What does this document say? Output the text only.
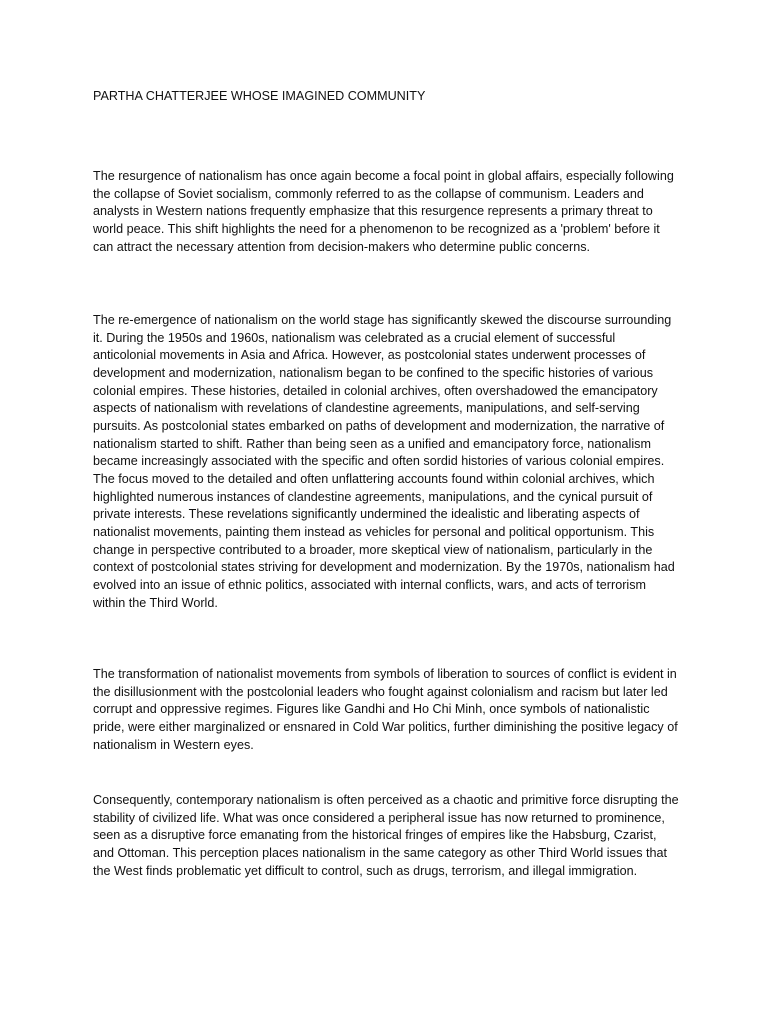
PARTHA CHATTERJEE WHOSE IMAGINED COMMUNITY

The resurgence of nationalism has once again become a focal point in global affairs, especially following the collapse of Soviet socialism, commonly referred to as the collapse of communism. Leaders and analysts in Western nations frequently emphasize that this resurgence represents a primary threat to world peace. This shift highlights the need for a phenomenon to be recognized as a 'problem' before it can attract the necessary attention from decision-makers who determine public concerns.

The re-emergence of nationalism on the world stage has significantly skewed the discourse surrounding it. During the 1950s and 1960s, nationalism was celebrated as a crucial element of successful anticolonial movements in Asia and Africa. However, as postcolonial states underwent processes of development and modernization, nationalism began to be confined to the specific histories of various colonial empires. These histories, detailed in colonial archives, often overshadowed the emancipatory aspects of nationalism with revelations of clandestine agreements, manipulations, and self-serving pursuits. As postcolonial states embarked on paths of development and modernization, the narrative of nationalism started to shift. Rather than being seen as a unified and emancipatory force, nationalism became increasingly associated with the specific and often sordid histories of various colonial empires. The focus moved to the detailed and often unflattering accounts found within colonial archives, which highlighted numerous instances of clandestine agreements, manipulations, and the cynical pursuit of private interests. These revelations significantly undermined the idealistic and liberating aspects of nationalist movements, painting them instead as vehicles for personal and political opportunism. This change in perspective contributed to a broader, more skeptical view of nationalism, particularly in the context of postcolonial states striving for development and modernization. By the 1970s, nationalism had evolved into an issue of ethnic politics, associated with internal conflicts, wars, and acts of terrorism within the Third World.

The transformation of nationalist movements from symbols of liberation to sources of conflict is evident in the disillusionment with the postcolonial leaders who fought against colonialism and racism but later led corrupt and oppressive regimes. Figures like Gandhi and Ho Chi Minh, once symbols of nationalistic pride, were either marginalized or ensnared in Cold War politics, further diminishing the positive legacy of nationalism in Western eyes.

Consequently, contemporary nationalism is often perceived as a chaotic and primitive force disrupting the stability of civilized life. What was once considered a peripheral issue has now returned to prominence, seen as a disruptive force emanating from the historical fringes of empires like the Habsburg, Czarist, and Ottoman. This perception places nationalism in the same category as other Third World issues that the West finds problematic yet difficult to control, such as drugs, terrorism, and illegal immigration.
